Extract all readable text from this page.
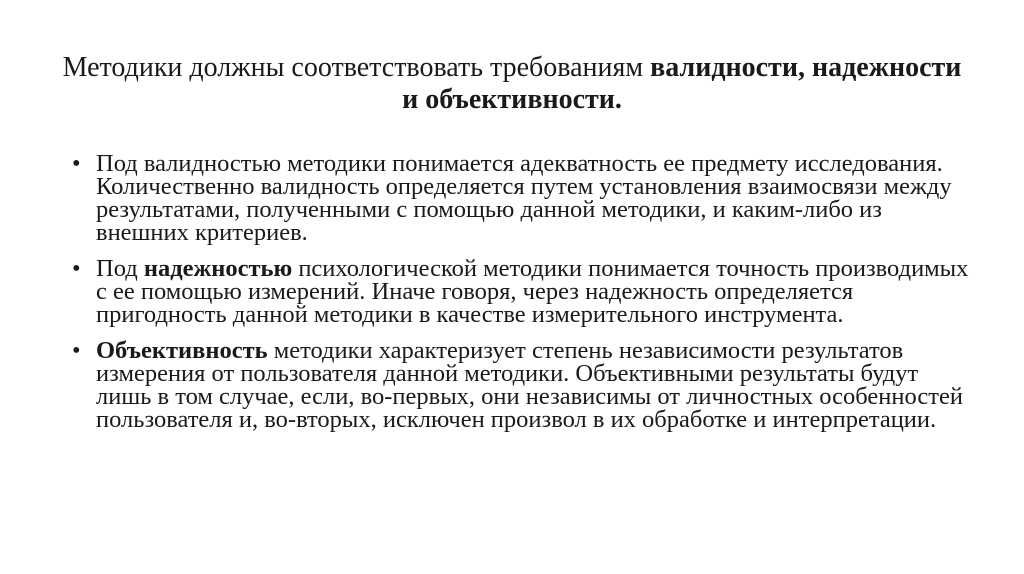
Методики должны соответствовать требованиям валидности, надежности и объективности.
• Под валидностью методики понимается адекватность ее предмету исследования. Количественно валидность определяется путем установления взаимосвязи между результатами, полученными с помощью данной методики, и каким-либо из внешних критериев.
• Под надежностью психологической методики понимается точность производимых с ее помощью измерений. Иначе говоря, через надежность определяется пригодность данной методики в качестве измерительного инструмента.
• Объективность методики характеризует степень независимости результатов измерения от пользователя данной методики. Объективными результаты будут лишь в том случае, если, во-первых, они независимы от личностных особенностей пользователя и, во-вторых, исключен произвол в их обработке и интерпретации.
